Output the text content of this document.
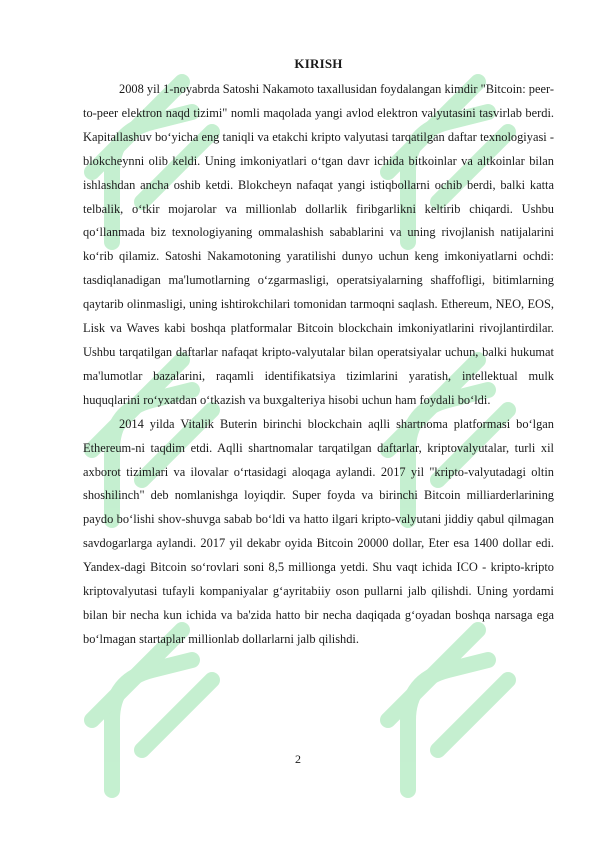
KIRISH

2008 yil 1-noyabrda Satoshi Nakamoto taxallusidan foydalangan kimdir "Bitcoin: peer-to-peer elektron naqd tizimi" nomli maqolada yangi avlod elektron valyutasini tasvirlab berdi. Kapitallashuv bo‘yicha eng taniqli va etakchi kripto valyutasi tarqatilgan daftar texnologiyasi - blokcheynni olib keldi. Uning imkoniyatlari o‘tgan davr ichida bitkoinlar va altkoinlar bilan ishlashdan ancha oshib ketdi. Blokcheyn nafaqat yangi istiqbollarni ochib berdi, balki katta telbalik, o‘tkir mojarolar va millionlab dollarlik firibgarlikni keltirib chiqardi. Ushbu qo‘llanmada biz texnologiyaning ommalashish sabablarini va uning rivojlanish natijalarini ko‘rib qilamiz. Satoshi Nakamotoning yaratilishi dunyo uchun keng imkoniyatlarni ochdi: tasdiqlanadigan ma'lumotlarning o‘zgarmasligi, operatsiyalarning shaffofligi, bitimlarning qaytarib olinmasligi, uning ishtirokchilari tomonidan tarmoqni saqlash. Ethereum, NEO, EOS, Lisk va Waves kabi boshqa platformalar Bitcoin blockchain imkoniyatlarini rivojlantirdilar. Ushbu tarqatilgan daftarlar nafaqat kripto-valyutalar bilan operatsiyalar uchun, balki hukumat ma'lumotlar bazalarini, raqamli identifikatsiya tizimlarini yaratish, intellektual mulk huquqlarini ro‘yxatdan o‘tkazish va buxgalteriya hisobi uchun ham foydali bo‘ldi.

2014 yilda Vitalik Buterin birinchi blockchain aqlli shartnoma platformasi bo‘lgan Ethereum-ni taqdim etdi. Aqlli shartnomalar tarqatilgan daftarlar, kriptovalyutalar, turli xil axborot tizimlari va ilovalar o‘rtasidagi aloqaga aylandi. 2017 yil "kripto-valyutadagi oltin shoshilinch" deb nomlanishga loyiqdir. Super foyda va birinchi Bitcoin milliarderlarining paydo bo‘lishi shov-shuvga sabab bo‘ldi va hatto ilgari kripto-valyutani jiddiy qabul qilmagan savdogarlarga aylandi. 2017 yil dekabr oyida Bitcoin 20000 dollar, Eter esa 1400 dollar edi. Yandex-dagi Bitcoin so‘rovlari soni 8,5 millionga yetdi. Shu vaqt ichida ICO - kripto-kripto kriptovalyutasi tufayli kompaniyalar g‘ayritabiiy oson pullarni jalb qilishdi. Uning yordami bilan bir necha kun ichida va ba'zida hatto bir necha daqiqada g‘oyadan boshqa narsaga ega bo‘lmagan startaplar millionlab dollarlarni jalb qilishdi.

2
